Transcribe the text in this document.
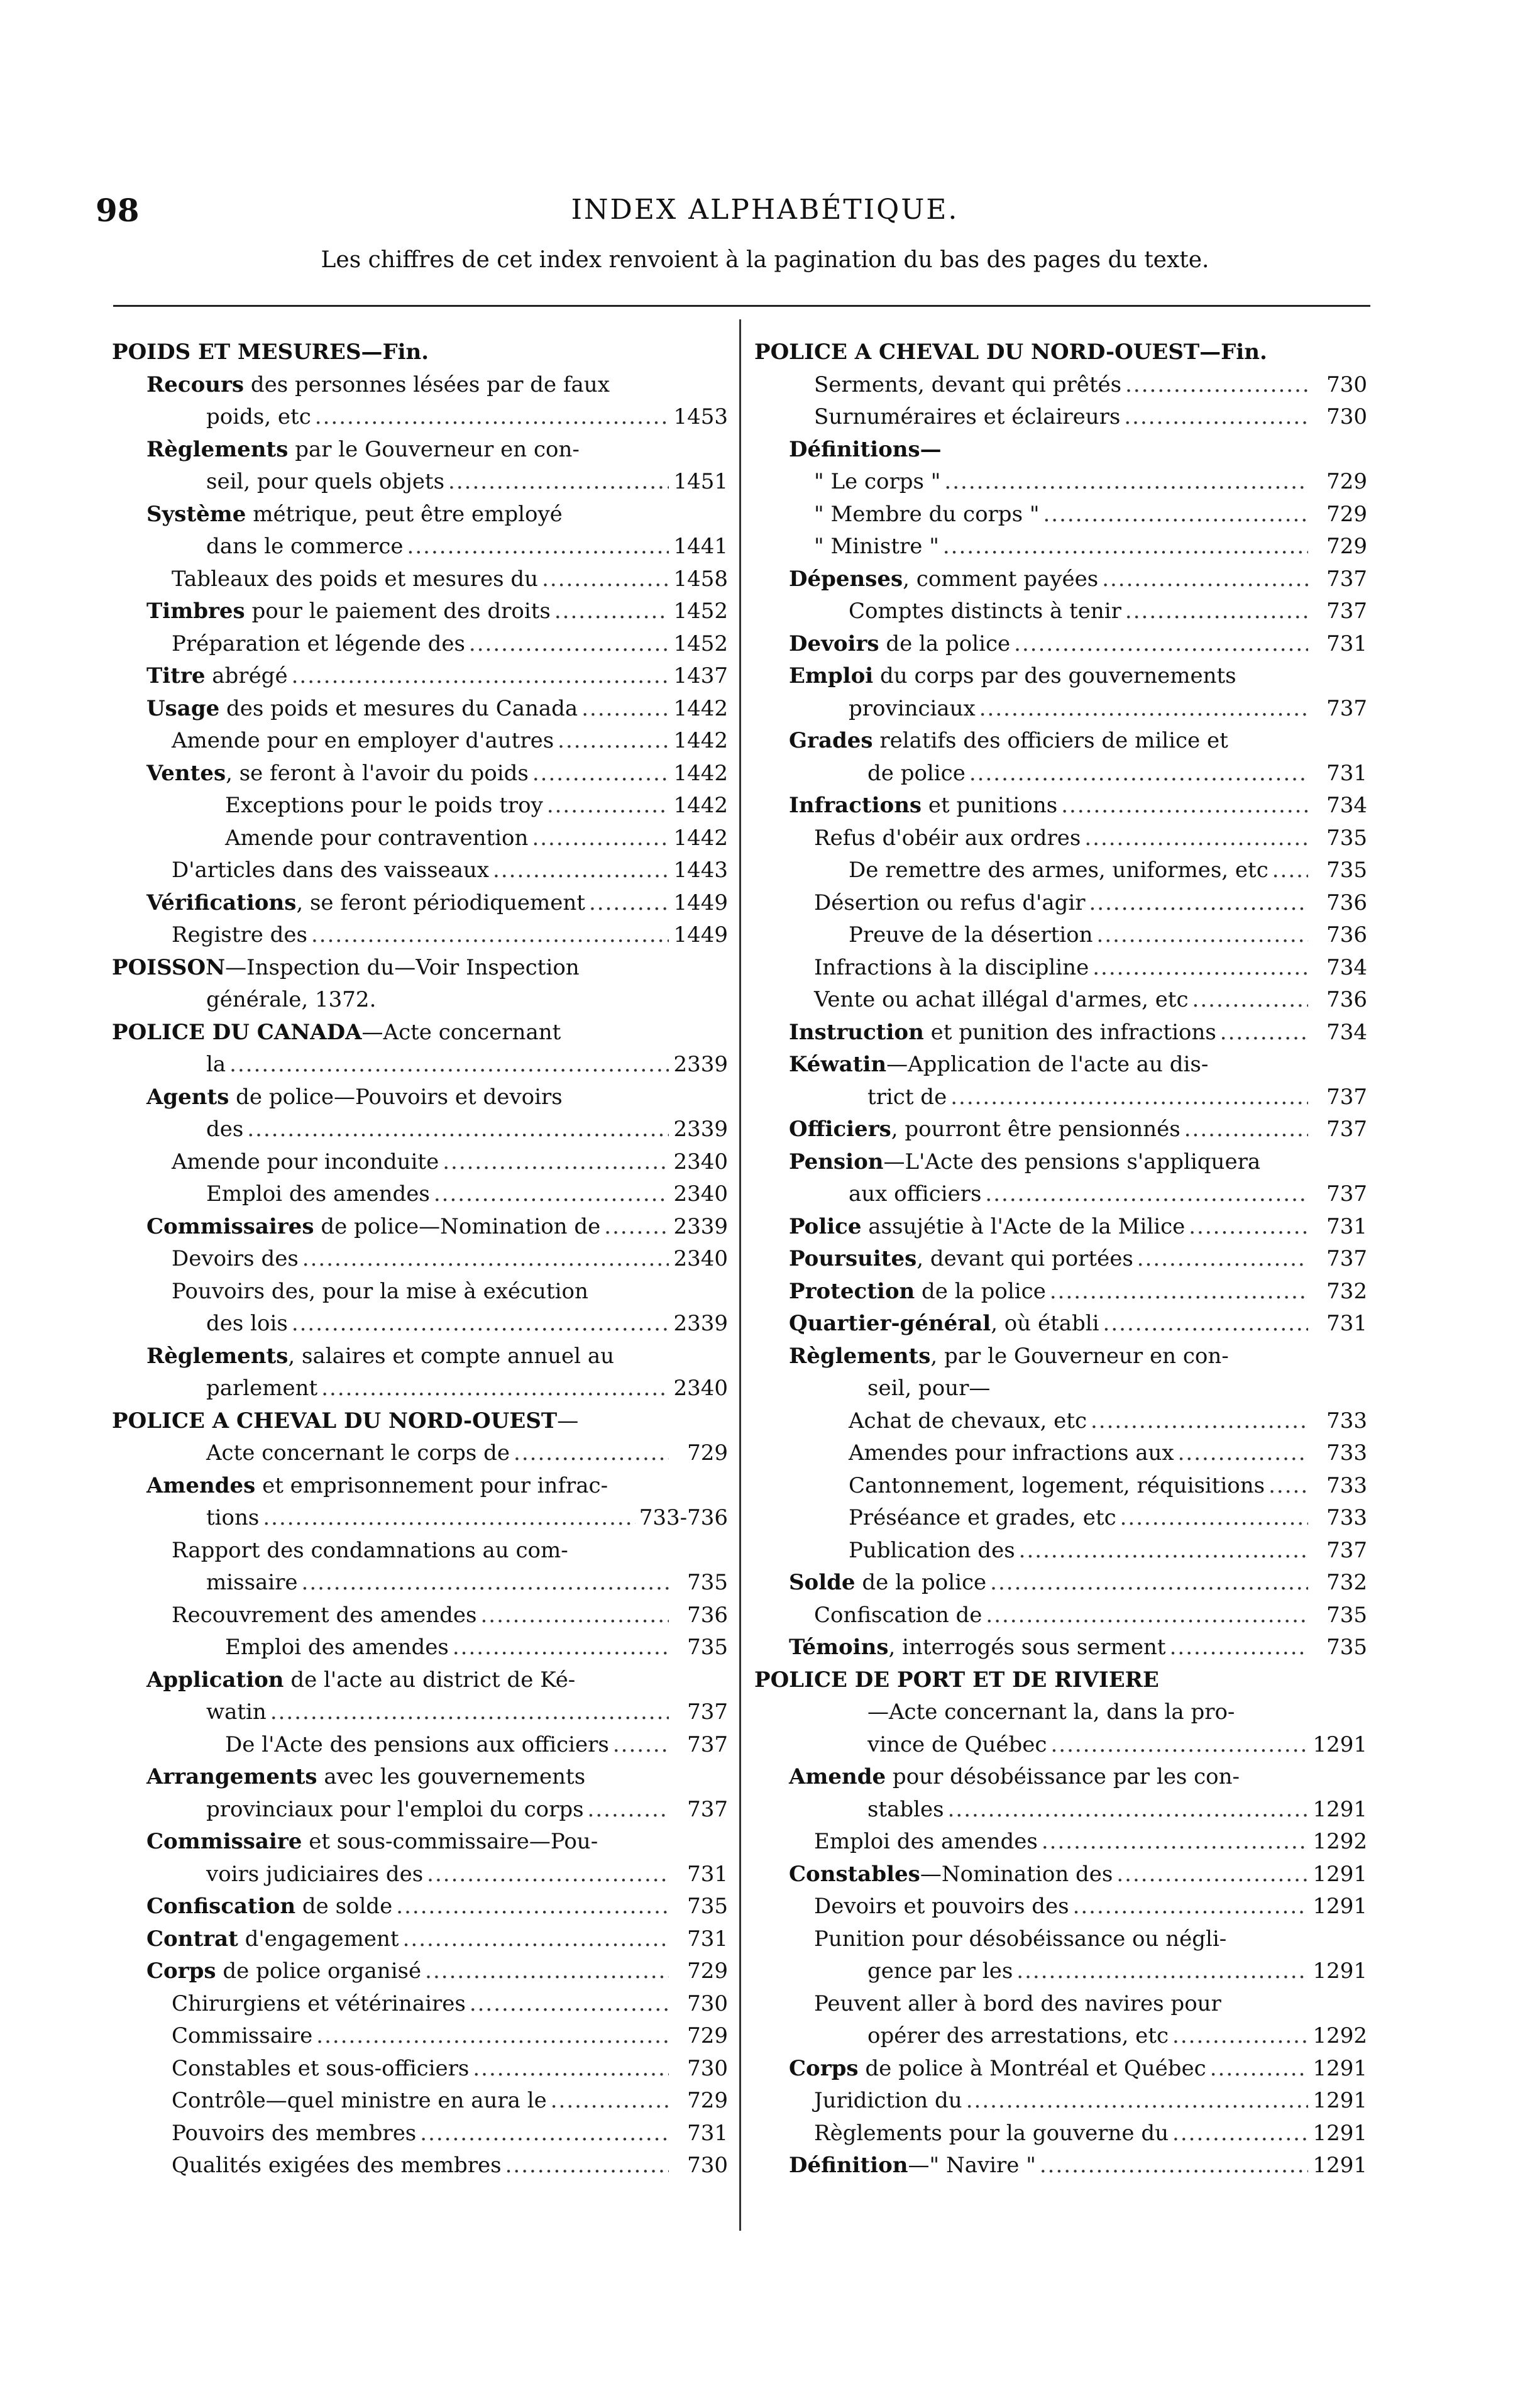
98	INDEX ALPHABÉTIQUE.
Les chiffres de cet index renvoient à la pagination du bas des pages du texte.
POIDS ET MESURES—Fin.
Recours des personnes lésées par de faux
poids, etc .....	1453
Règlements par le Gouverneur en con-
seil, pour quels objets .....	1451
Système métrique, peut être employé
dans le commerce .....	1441
Tableaux des poids et mesures du .....	1458
Timbres pour le paiement des droits .....	1452
Préparation et légende des .....	1452
Titre abrégé .....	1437
Usage des poids et mesures du Canada .....	1442
Amende pour en employer d'autres .....	1442
Ventes, se feront à l'avoir du poids .....	1442
Exceptions pour le poids troy .....	1442
Amende pour contravention .....	1442
D'articles dans des vaisseaux .....	1443
Vérifications, se feront périodiquement .....	1449
Registre des .....	1449
POISSON—Inspection du—Voir Inspection
générale, 1372.
POLICE DU CANADA—Acte concernant
la .....	2339
Agents de police—Pouvoirs et devoirs
des .....	2339
Amende pour inconduite .....	2340
Emploi des amendes .....	2340
Commissaires de police—Nomination de .....	2339
Devoirs des .....	2340
Pouvoirs des, pour la mise à exécution
des lois .....	2339
Règlements, salaires et compte annuel au
parlement .....	2340
POLICE A CHEVAL DU NORD-OUEST—
Acte concernant le corps de .....	729
Amendes et emprisonnement pour infrac-
tions .....	733-736
Rapport des condamnations au com-
missaire .....	735
Recouvrement des amendes .....	736
Emploi des amendes .....	735
Application de l'acte au district de Ké-
watin .....	737
De l'Acte des pensions aux officiers .....	737
Arrangements avec les gouvernements
provinciaux pour l'emploi du corps .....	737
Commissaire et sous-commissaire—Pou-
voirs judiciaires des .....	731
Confiscation de solde .....	735
Contrat d'engagement .....	731
Corps de police organisé .....	729
Chirurgiens et vétérinaires .....	730
Commissaire .....	729
Constables et sous-officiers .....	730
Contrôle—quel ministre en aura le .....	729
Pouvoirs des membres .....	731
Qualités exigées des membres .....	730
POLICE A CHEVAL DU NORD-OUEST—Fin.
Serments, devant qui prêtés .....	730
Surnuméraires et éclaireurs .....	730
Définitions—
" Le corps " .....	729
" Membre du corps " .....	729
" Ministre " .....	729
Dépenses, comment payées .....	737
Comptes distincts à tenir .....	737
Devoirs de la police .....	731
Emploi du corps par des gouvernements
provinciaux .....	737
Grades relatifs des officiers de milice et
de police .....	731
Infractions et punitions .....	734
Refus d'obéir aux ordres .....	735
De remettre des armes, uniformes, etc .....	735
Désertion ou refus d'agir .....	736
Preuve de la désertion .....	736
Infractions à la discipline .....	734
Vente ou achat illégal d'armes, etc .....	736
Instruction et punition des infractions .....	734
Kéwatin—Application de l'acte au dis-
trict de .....	737
Officiers, pourront être pensionnés .....	737
Pension—L'Acte des pensions s'appliquera
aux officiers .....	737
Police assujétie à l'Acte de la Milice .....	731
Poursuites, devant qui portées .....	737
Protection de la police .....	732
Quartier-général, où établi .....	731
Règlements, par le Gouverneur en con-
seil, pour—
Achat de chevaux, etc .....	733
Amendes pour infractions aux .....	733
Cantonnement, logement, réquisitions .....	733
Préséance et grades, etc .....	733
Publication des .....	737
Solde de la police .....	732
Confiscation de .....	735
Témoins, interrogés sous serment .....	735
POLICE DE PORT ET DE RIVIERE
—Acte concernant la, dans la pro-
vince de Québec .....	1291
Amende pour désobéissance par les con-
stables .....	1291
Emploi des amendes .....	1292
Constables—Nomination des .....	1291
Devoirs et pouvoirs des .....	1291
Punition pour désobéissance ou négli-
gence par les .....	1291
Peuvent aller à bord des navires pour
opérer des arrestations, etc .....	1292
Corps de police à Montréal et Québec .....	1291
Juridiction du .....	1291
Règlements pour la gouverne du .....	1291
Définition—" Navire " .....	1291
